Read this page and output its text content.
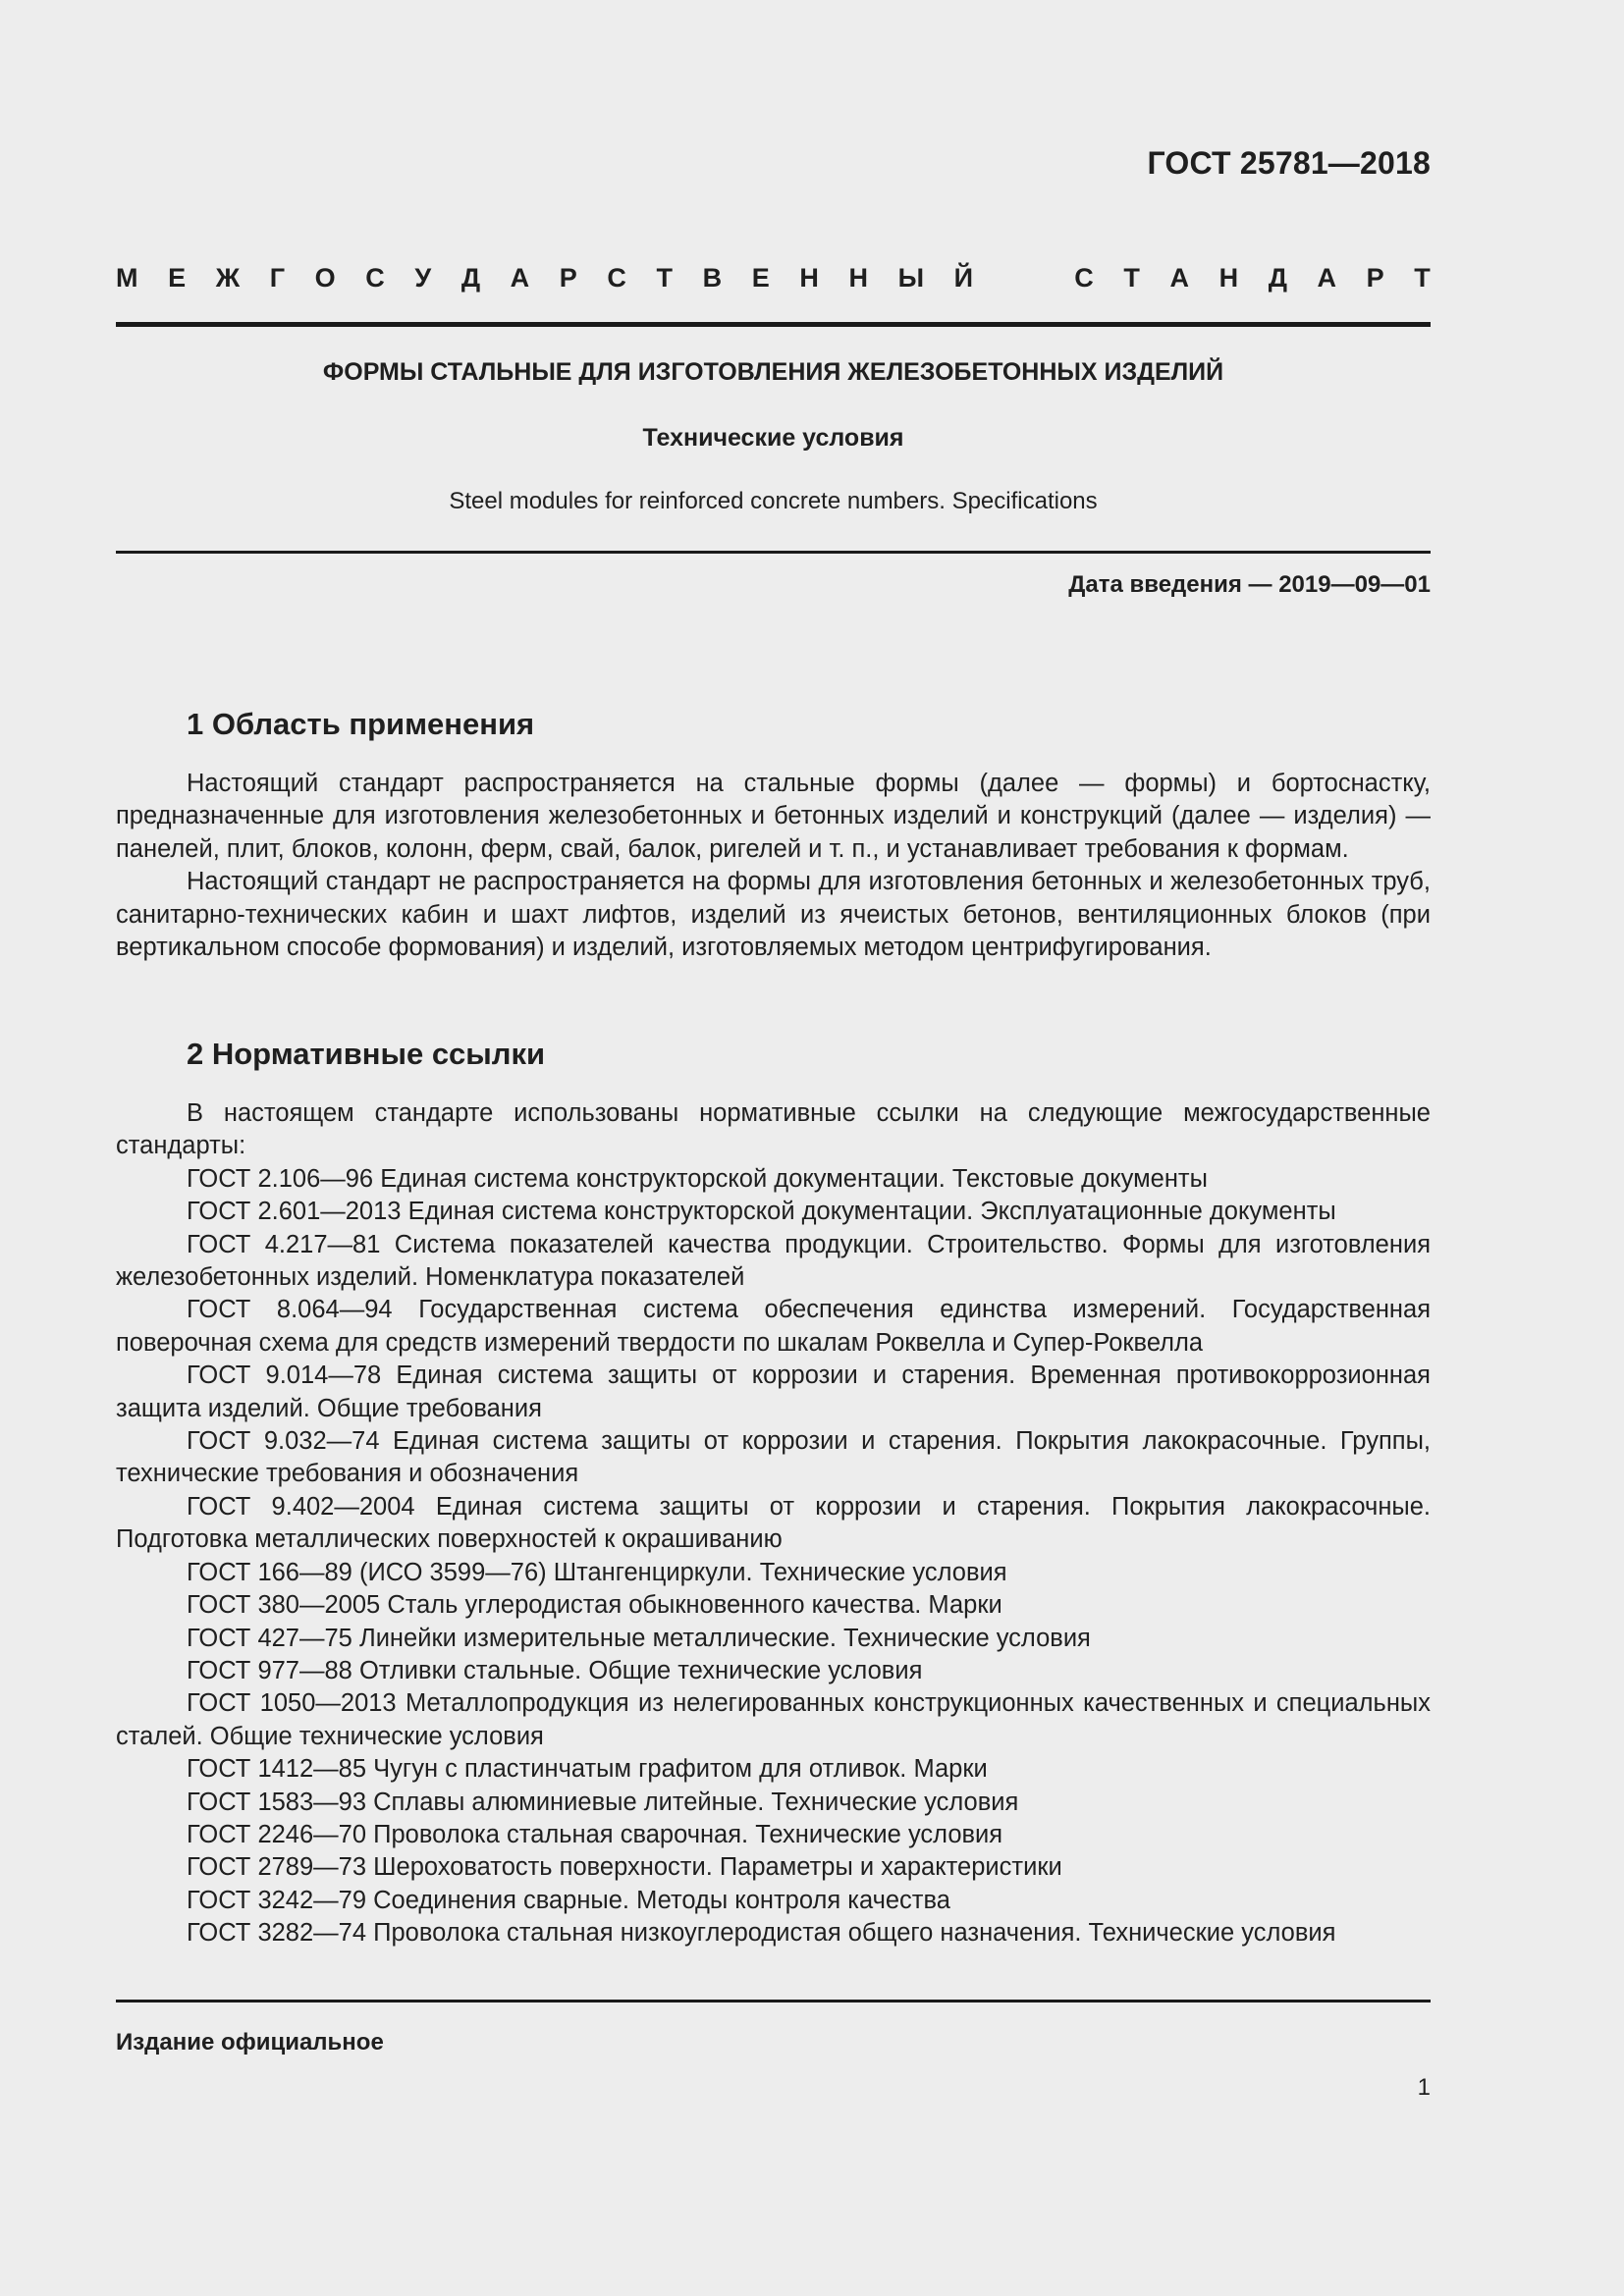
ГОСТ 25781—2018
М Е Ж Г О С У Д А Р С Т В Е Н Н Ы Й	С Т А Н Д А Р Т
ФОРМЫ СТАЛЬНЫЕ ДЛЯ ИЗГОТОВЛЕНИЯ ЖЕЛЕЗОБЕТОННЫХ ИЗДЕЛИЙ
Технические условия
Steel modules for reinforced concrete numbers. Specifications
Дата введения — 2019—09—01
1 Область применения

Настоящий стандарт распространяется на стальные формы (далее — формы) и бортоснастку, предназначенные для изготовления железобетонных и бетонных изделий и конструкций (далее — изделия) — панелей, плит, блоков, колонн, ферм, свай, балок, ригелей и т. п., и устанавливает требования к формам.

Настоящий стандарт не распространяется на формы для изготовления бетонных и железобетонных труб, санитарно-технических кабин и шахт лифтов, изделий из ячеистых бетонов, вентиляционных блоков (при вертикальном способе формования) и изделий, изготовляемых методом центрифугирования.

2 Нормативные ссылки

В настоящем стандарте использованы нормативные ссылки на следующие межгосударственные стандарты:

ГОСТ 2.106—96 Единая система конструкторской документации. Текстовые документы

ГОСТ 2.601—2013 Единая система конструкторской документации. Эксплуатационные документы

ГОСТ 4.217—81 Система показателей качества продукции. Строительство. Формы для изготовления железобетонных изделий. Номенклатура показателей

ГОСТ 8.064—94 Государственная система обеспечения единства измерений. Государственная поверочная схема для средств измерений твердости по шкалам Роквелла и Супер-Роквелла

ГОСТ 9.014—78 Единая система защиты от коррозии и старения. Временная противокоррозионная защита изделий. Общие требования

ГОСТ 9.032—74 Единая система защиты от коррозии и старения. Покрытия лакокрасочные. Группы, технические требования и обозначения

ГОСТ 9.402—2004 Единая система защиты от коррозии и старения. Покрытия лакокрасочные. Подготовка металлических поверхностей к окрашиванию

ГОСТ 166—89 (ИСО 3599—76) Штангенциркули. Технические условия

ГОСТ 380—2005 Сталь углеродистая обыкновенного качества. Марки

ГОСТ 427—75 Линейки измерительные металлические. Технические условия

ГОСТ 977—88 Отливки стальные. Общие технические условия

ГОСТ 1050—2013 Металлопродукция из нелегированных конструкционных качественных и специальных сталей. Общие технические условия

ГОСТ 1412—85 Чугун с пластинчатым графитом для отливок. Марки

ГОСТ 1583—93 Сплавы алюминиевые литейные. Технические условия

ГОСТ 2246—70 Проволока стальная сварочная. Технические условия

ГОСТ 2789—73 Шероховатость поверхности. Параметры и характеристики

ГОСТ 3242—79 Соединения сварные. Методы контроля качества

ГОСТ 3282—74 Проволока стальная низкоуглеродистая общего назначения. Технические условия

Издание официальное
1
